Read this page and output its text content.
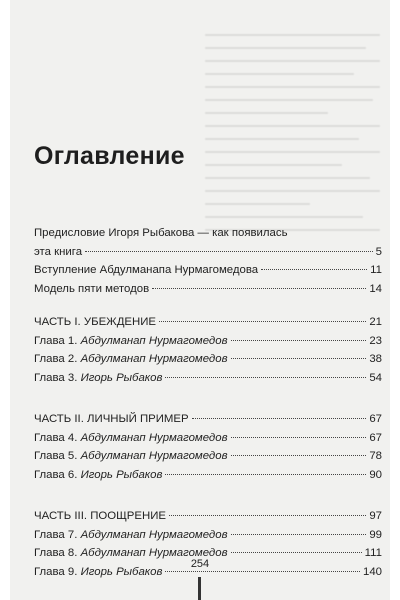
Оглавление
Предисловие Игоря Рыбакова — как появилась
эта книга	5
Вступление Абдулманапа Нурмагомедова	11
Модель пяти методов	14
ЧАСТЬ I. УБЕЖДЕНИЕ	21
Глава 1. Абдулманап Нурмагомедов	23
Глава 2. Абдулманап Нурмагомедов	38
Глава 3. Игорь Рыбаков	54
ЧАСТЬ II. ЛИЧНЫЙ ПРИМЕР	67
Глава 4. Абдулманап Нурмагомедов	67
Глава 5. Абдулманап Нурмагомедов	78
Глава 6. Игорь Рыбаков	90
ЧАСТЬ III. ПООЩРЕНИЕ	97
Глава 7. Абдулманап Нурмагомедов	99
Глава 8. Абдулманап Нурмагомедов	111
Глава 9. Игорь Рыбаков	140
254
